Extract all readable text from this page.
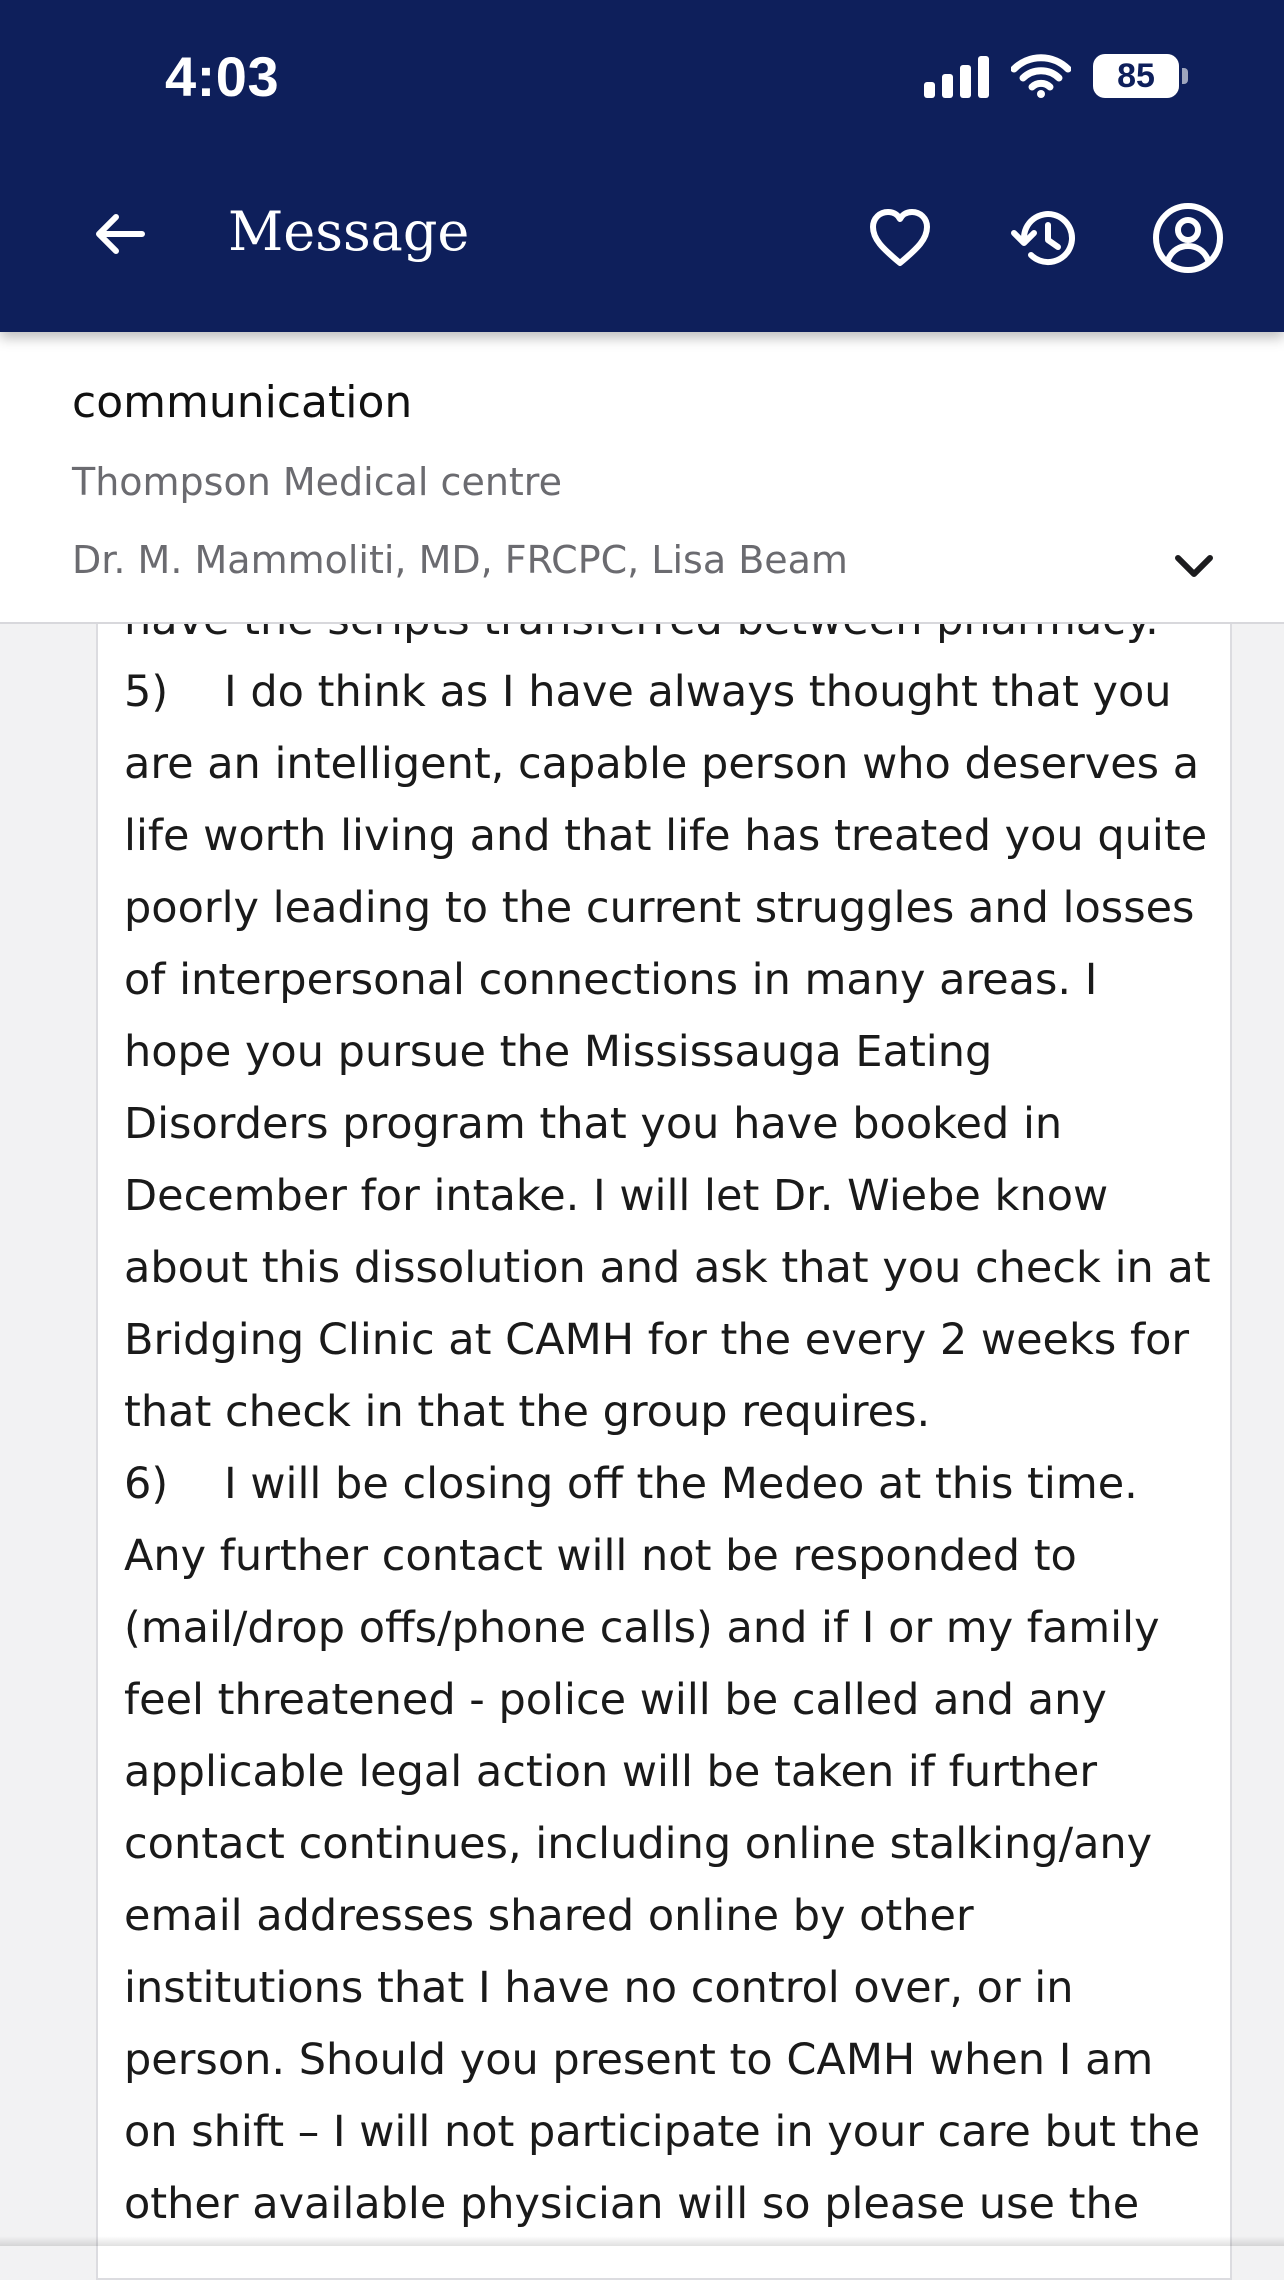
4:03	85
Message
communication
Thompson Medical centre
Dr. M. Mammoliti, MD, FRCPC, Lisa Beam
5) I do think as I have always thought that you
are an intelligent, capable person who deserves a
life worth living and that life has treated you quite
poorly leading to the current struggles and losses
of interpersonal connections in many areas. I
hope you pursue the Mississauga Eating
Disorders program that you have booked in
December for intake. I will let Dr. Wiebe know
about this dissolution and ask that you check in at
Bridging Clinic at CAMH for the every 2 weeks for
that check in that the group requires.
6) I will be closing off the Medeo at this time.
Any further contact will not be responded to
(mail/drop offs/phone calls) and if I or my family
feel threatened - police will be called and any
applicable legal action will be taken if further
contact continues, including online stalking/any
email addresses shared online by other
institutions that I have no control over, or in
person. Should you present to CAMH when I am
on shift – I will not participate in your care but the
other available physician will so please use the
